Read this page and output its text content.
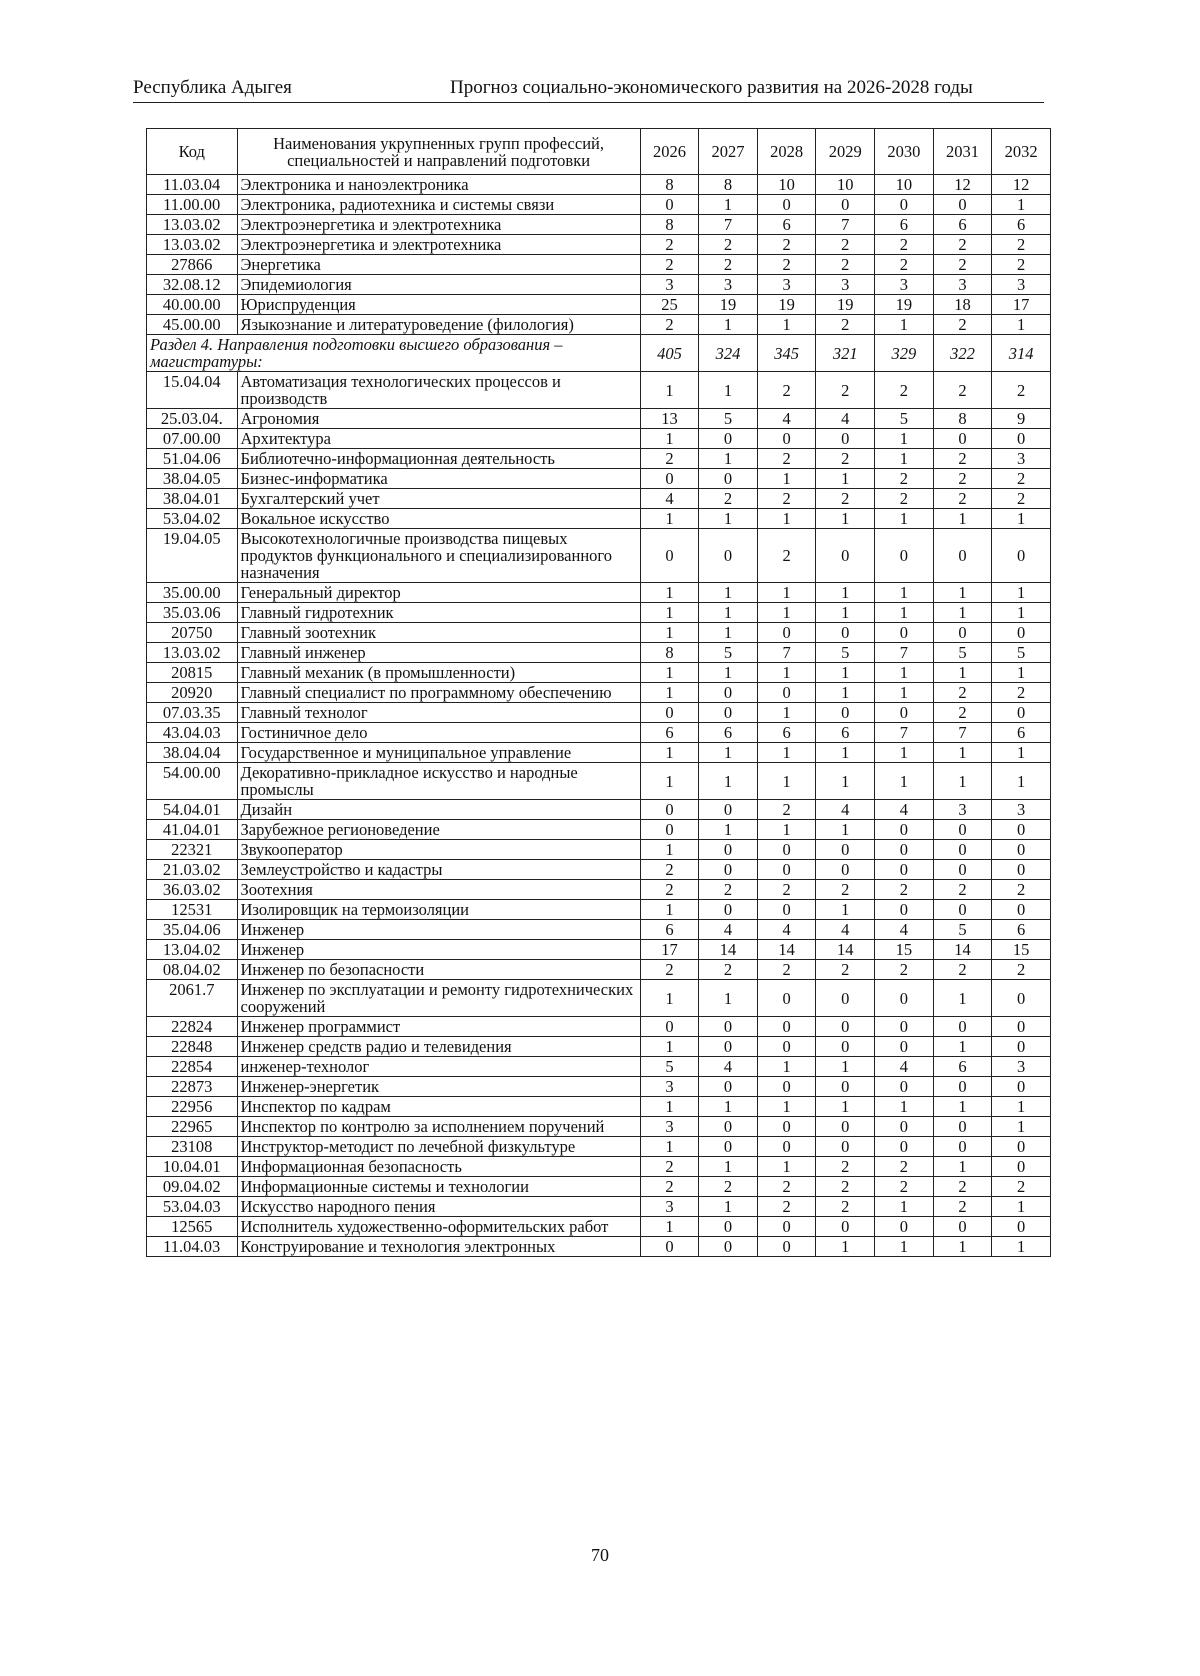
Республика Адыгея	Прогноз социально-экономического развития на 2026-2028 годы
Код	Наименования укрупненных групп профессий, специальностей и направлений подготовки	2026	2027	2028	2029	2030	2031	2032
11.03.04	Электроника и наноэлектроника	8	8	10	10	10	12	12
11.00.00	Электроника, радиотехника и системы связи	0	1	0	0	0	0	1
13.03.02	Электроэнергетика и электротехника	8	7	6	7	6	6	6
13.03.02	Электроэнергетика и электротехника	2	2	2	2	2	2	2
27866	Энергетика	2	2	2	2	2	2	2
32.08.12	Эпидемиология	3	3	3	3	3	3	3
40.00.00	Юриспруденция	25	19	19	19	19	18	17
45.00.00	Языкознание и литературоведение (филология)	2	1	1	2	1	2	1
Раздел 4. Направления подготовки высшего образования – магистратуры:		405	324	345	321	329	322	314
15.04.04	Автоматизация технологических процессов и производств	1	1	2	2	2	2	2
25.03.04.	Агрономия	13	5	4	4	5	8	9
07.00.00	Архитектура	1	0	0	0	1	0	0
51.04.06	Библиотечно-информационная деятельность	2	1	2	2	1	2	3
38.04.05	Бизнес-информатика	0	0	1	1	2	2	2
38.04.01	Бухгалтерский учет	4	2	2	2	2	2	2
53.04.02	Вокальное искусство	1	1	1	1	1	1	1
19.04.05	Высокотехнологичные производства пищевых продуктов функционального и специализированного назначения	0	0	2	0	0	0	0
35.00.00	Генеральный директор	1	1	1	1	1	1	1
35.03.06	Главный гидротехник	1	1	1	1	1	1	1
20750	Главный зоотехник	1	1	0	0	0	0	0
13.03.02	Главный инженер	8	5	7	5	7	5	5
20815	Главный механик (в промышленности)	1	1	1	1	1	1	1
20920	Главный специалист по программному обеспечению	1	0	0	1	1	2	2
07.03.35	Главный технолог	0	0	1	0	0	2	0
43.04.03	Гостиничное дело	6	6	6	6	7	7	6
38.04.04	Государственное и муниципальное управление	1	1	1	1	1	1	1
54.00.00	Декоративно-прикладное искусство и народные промыслы	1	1	1	1	1	1	1
54.04.01	Дизайн	0	0	2	4	4	3	3
41.04.01	Зарубежное регионоведение	0	1	1	1	0	0	0
22321	Звукооператор	1	0	0	0	0	0	0
21.03.02	Землеустройство и кадастры	2	0	0	0	0	0	0
36.03.02	Зоотехния	2	2	2	2	2	2	2
12531	Изолировщик на термоизоляции	1	0	0	1	0	0	0
35.04.06	Инженер	6	4	4	4	4	5	6
13.04.02	Инженер	17	14	14	14	15	14	15
08.04.02	Инженер по безопасности	2	2	2	2	2	2	2
2061.7	Инженер по эксплуатации и ремонту гидротехнических сооружений	1	1	0	0	0	1	0
22824	Инженер программист	0	0	0	0	0	0	0
22848	Инженер средств радио и телевидения	1	0	0	0	0	1	0
22854	инженер-технолог	5	4	1	1	4	6	3
22873	Инженер-энергетик	3	0	0	0	0	0	0
22956	Инспектор по кадрам	1	1	1	1	1	1	1
22965	Инспектор по контролю за исполнением поручений	3	0	0	0	0	0	1
23108	Инструктор-методист по лечебной физкультуре	1	0	0	0	0	0	0
10.04.01	Информационная безопасность	2	1	1	2	2	1	0
09.04.02	Информационные системы и технологии	2	2	2	2	2	2	2
53.04.03	Искусство народного пения	3	1	2	2	1	2	1
12565	Исполнитель художественно-оформительских работ	1	0	0	0	0	0	0
11.04.03	Конструирование и технология электронных	0	0	0	1	1	1	1
70
